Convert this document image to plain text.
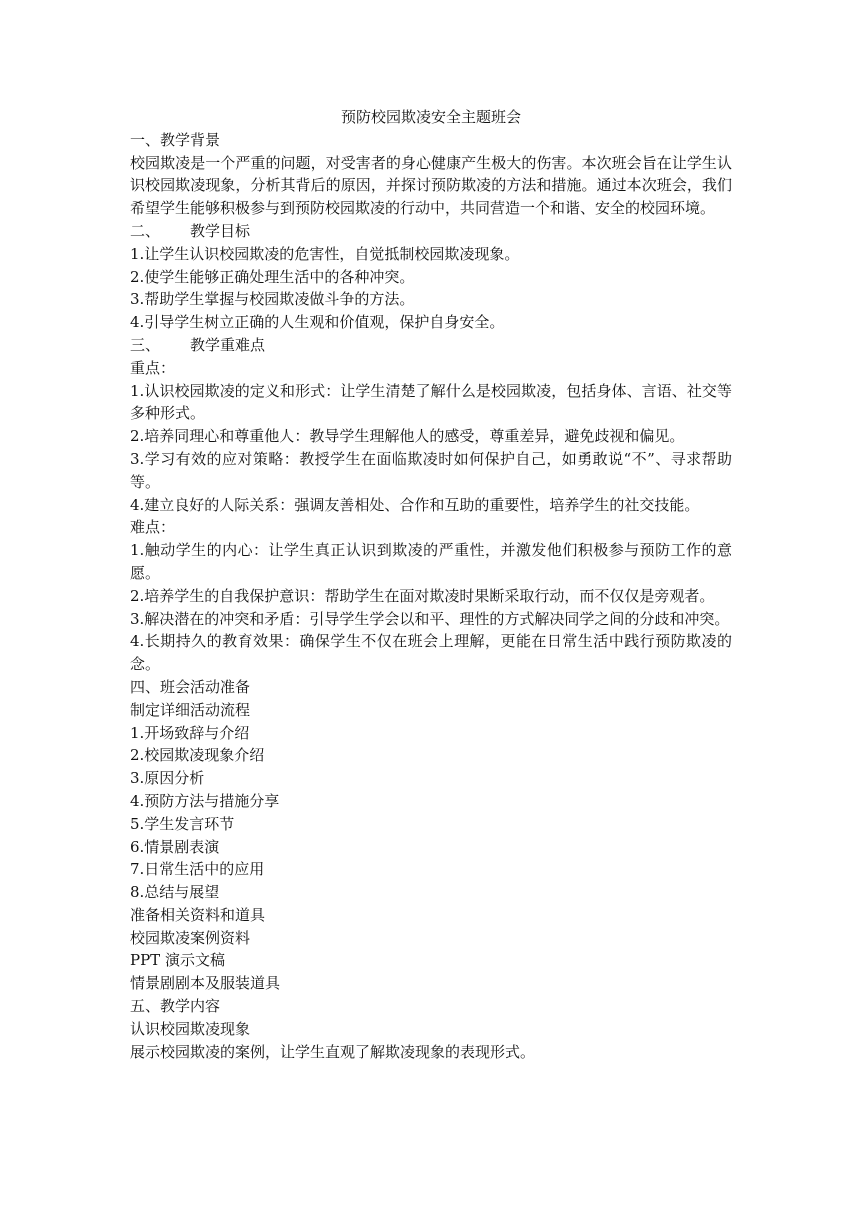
预防校园欺凌安全主题班会

一、教学背景

校园欺凌是一个严重的问题，对受害者的身心健康产生极大的伤害。本次班会旨在让学生认识校园欺凌现象，分析其背后的原因，并探讨预防欺凌的方法和措施。通过本次班会，我们希望学生能够积极参与到预防校园欺凌的行动中，共同营造一个和谐、安全的校园环境。

二、 教学目标

1.让学生认识校园欺凌的危害性，自觉抵制校园欺凌现象。

2.使学生能够正确处理生活中的各种冲突。

3.帮助学生掌握与校园欺凌做斗争的方法。

4.引导学生树立正确的人生观和价值观，保护自身安全。

三、 教学重难点

重点：

1.认识校园欺凌的定义和形式：让学生清楚了解什么是校园欺凌，包括身体、言语、社交等多种形式。

2.培养同理心和尊重他人：教导学生理解他人的感受，尊重差异，避免歧视和偏见。

3.学习有效的应对策略：教授学生在面临欺凌时如何保护自己，如勇敢说“不”、寻求帮助等。

4.建立良好的人际关系：强调友善相处、合作和互助的重要性，培养学生的社交技能。

难点：

1.触动学生的内心：让学生真正认识到欺凌的严重性，并激发他们积极参与预防工作的意愿。

2.培养学生的自我保护意识：帮助学生在面对欺凌时果断采取行动，而不仅仅是旁观者。

3.解决潜在的冲突和矛盾：引导学生学会以和平、理性的方式解决同学之间的分歧和冲突。

4.长期持久的教育效果：确保学生不仅在班会上理解，更能在日常生活中践行预防欺凌的念。

四、班会活动准备

制定详细活动流程

1.开场致辞与介绍

2.校园欺凌现象介绍

3.原因分析

4.预防方法与措施分享

5.学生发言环节

6.情景剧表演

7.日常生活中的应用

8.总结与展望

准备相关资料和道具

校园欺凌案例资料

PPT 演示文稿

情景剧剧本及服装道具

五、教学内容

认识校园欺凌现象

展示校园欺凌的案例，让学生直观了解欺凌现象的表现形式。
